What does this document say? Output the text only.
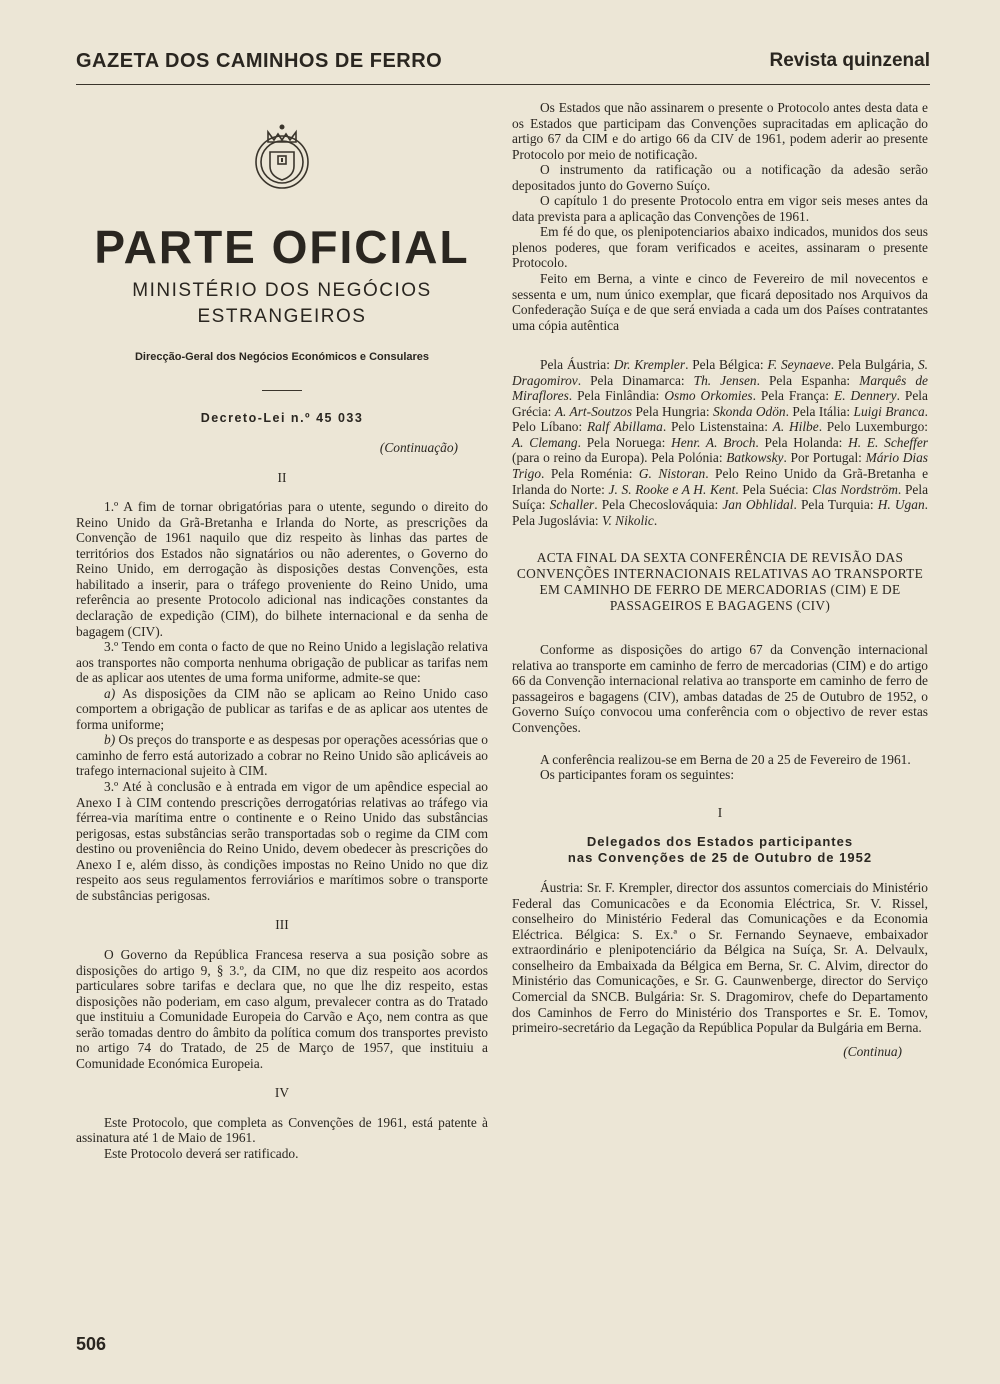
GAZETA DOS CAMINHOS DE FERRO	Revista quinzenal
PARTE OFICIAL
MINISTÉRIO DOS NEGÓCIOS
ESTRANGEIROS
Direcção-Geral dos Negócios Económicos e Consulares
Decreto-Lei n.º 45 033
(Continuação)
II

1.º A fim de tornar obrigatórias para o utente, segundo o direito do Reino Unido da Grã-Bretanha e Irlanda do Norte, as prescrições da Convenção de 1961 naquilo que diz respeito às linhas das partes de territórios dos Estados não signatários ou não aderentes, o Governo do Reino Unido, em derrogação às disposições destas Convenções, esta habilitado a inserir, para o tráfego proveniente do Reino Unido, uma referência ao presente Protocolo adicional nas indicações constantes da declaração de expedição (CIM), do bilhete internacional e da senha de bagagem (CIV).

3.º Tendo em conta o facto de que no Reino Unido a legislação relativa aos transportes não comporta nenhuma obrigação de publicar as tarifas nem de as aplicar aos utentes de uma forma uniforme, admite-se que:

a) As disposições da CIM não se aplicam ao Reino Unido caso comportem a obrigação de publicar as tarifas e de as aplicar aos utentes de forma uniforme;

b) Os preços do transporte e as despesas por operações acessórias que o caminho de ferro está autorizado a cobrar no Reino Unido são aplicáveis ao trafego internacional sujeito à CIM.

3.º Até à conclusão e à entrada em vigor de um apêndice especial ao Anexo I à CIM contendo prescrições derrogatórias relativas ao tráfego via férrea-via marítima entre o continente e o Reino Unido das substâncias perigosas, estas substâncias serão transportadas sob o regime da CIM com destino ou proveniência do Reino Unido, devem obedecer às prescrições do Anexo I e, além disso, às condições impostas no Reino Unido no que diz respeito aos seus regulamentos ferroviários e marítimos sobre o transporte de substâncias perigosas.

III

O Governo da República Francesa reserva a sua posição sobre as disposições do artigo 9, § 3.º, da CIM, no que diz respeito aos acordos particulares sobre tarifas e declara que, no que lhe diz respeito, estas disposições não poderiam, em caso algum, prevalecer contra as do Tratado que instituiu a Comunidade Europeia do Carvão e Aço, nem contra as que serão tomadas dentro do âmbito da política comum dos transportes previsto no artigo 74 do Tratado, de 25 de Março de 1957, que instituiu a Comunidade Económica Europeia.

IV

Este Protocolo, que completa as Convenções de 1961, está patente à assinatura até 1 de Maio de 1961.

Este Protocolo deverá ser ratificado.

Os Estados que não assinarem o presente o Protocolo antes desta data e os Estados que participam das Convenções supracitadas em aplicação do artigo 67 da CIM e do artigo 66 da CIV de 1961, podem aderir ao presente Protocolo por meio de notificação.

O instrumento da ratificação ou a notificação da adesão serão depositados junto do Governo Suíço.

O capítulo 1 do presente Protocolo entra em vigor seis meses antes da data prevista para a aplicação das Convenções de 1961.

Em fé do que, os plenipotenciarios abaixo indicados, munidos dos seus plenos poderes, que foram verificados e aceites, assinaram o presente Protocolo.

Feito em Berna, a vinte e cinco de Fevereiro de mil novecentos e sessenta e um, num único exemplar, que ficará depositado nos Arquivos da Confederação Suíça e de que será enviada a cada um dos Países contratantes uma cópia autêntica

Pela Áustria: Dr. Krempler. Pela Bélgica: F. Seynaeve. Pela Bulgária, S. Dragomirov. Pela Dinamarca: Th. Jensen. Pela Espanha: Marquês de Miraflores. Pela Finlândia: Osmo Orkomies. Pela França: E. Dennery. Pela Grécia: A. Art-Soutzos Pela Hungria: Skonda Odön. Pela Itália: Luigi Branca. Pelo Líbano: Ralf Abillama. Pelo Listenstaina: A. Hilbe. Pelo Luxemburgo: A. Clemang. Pela Noruega: Henr. A. Broch. Pela Holanda: H. E. Scheffer (para o reino da Europa). Pela Polónia: Batkowsky. Por Portugal: Mário Dias Trigo. Pela Roménia: G. Nistoran. Pelo Reino Unido da Grã-Bretanha e Irlanda do Norte: J. S. Rooke e A H. Kent. Pela Suécia: Clas Nordström. Pela Suíça: Schaller. Pela Checoslováquia: Jan Obhlidal. Pela Turquia: H. Ugan. Pela Jugoslávia: V. Nikolic.

ACTA FINAL DA SEXTA CONFERÊNCIA DE REVISÃO DAS CONVENÇÕES INTERNACIONAIS RELATIVAS AO TRANSPORTE EM CAMINHO DE FERRO DE MERCADORIAS (CIM) E DE PASSAGEIROS E BAGAGENS (CIV)

Conforme as disposições do artigo 67 da Convenção internacional relativa ao transporte em caminho de ferro de mercadorias (CIM) e do artigo 66 da Convenção internacional relativa ao transporte em caminho de ferro de passageiros e bagagens (CIV), ambas datadas de 25 de Outubro de 1952, o Governo Suíço convocou uma conferência com o objectivo de rever estas Convenções.

A conferência realizou-se em Berna de 20 a 25 de Fevereiro de 1961.

Os participantes foram os seguintes:

I
Delegados dos Estados participantes
nas Convenções de 25 de Outubro de 1952

Áustria: Sr. F. Krempler, director dos assuntos comerciais do Ministério Federal das Comunicacões e da Economia Eléctrica, Sr. V. Rissel, conselheiro do Ministério Federal das Comunicações e da Economia Eléctrica. Bélgica: S. Ex.ª o Sr. Fernando Seynaeve, embaixador extraordinário e plenipotenciário da Bélgica na Suíça, Sr. A. Delvaulx, conselheiro da Embaixada da Bélgica em Berna, Sr. C. Alvim, director do Ministério das Comunicações, e Sr. G. Caunwenberge, director do Serviço Comercial da SNCB. Bulgária: Sr. S. Dragomirov, chefe do Departamento dos Caminhos de Ferro do Ministério dos Transportes e Sr. E. Tomov, primeiro-secretário da Legação da República Popular da Bulgária em Berna.

(Continua)
506
